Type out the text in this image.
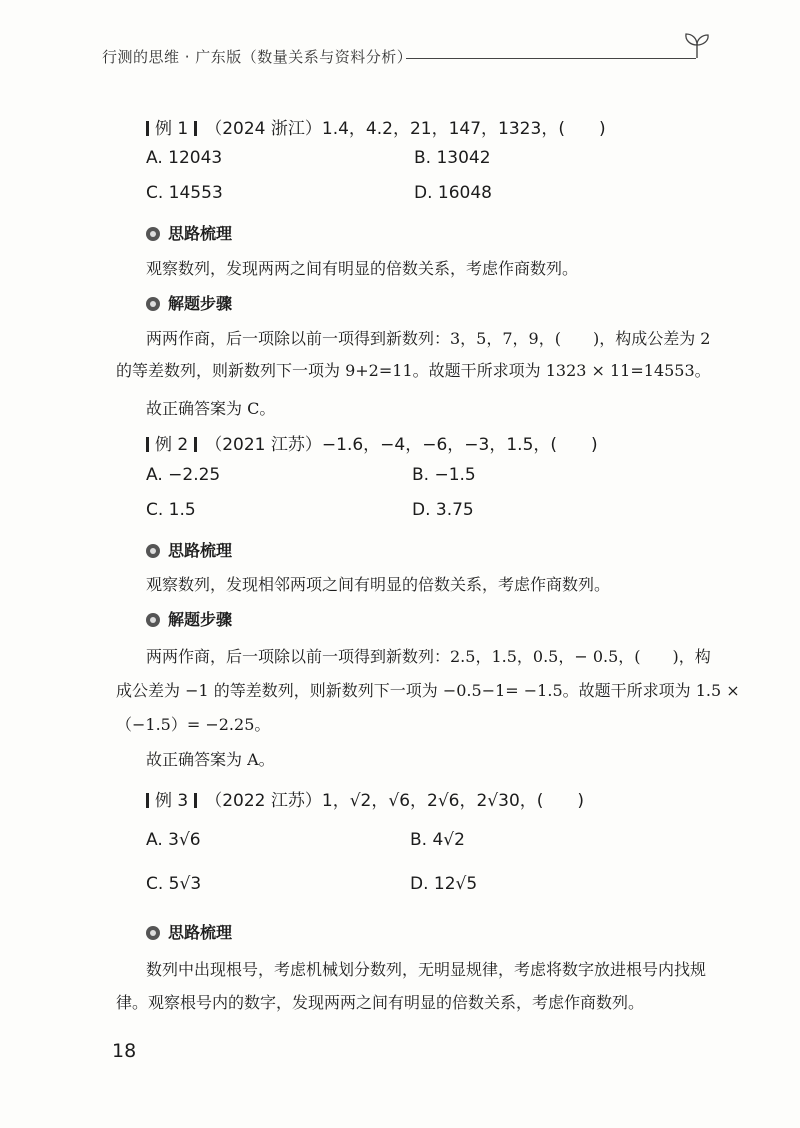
行测的思维 · 广东版（数量关系与资料分析）
例 1 （2024 浙江）1.4，4.2，21，147，1323，(　　)
A. 12043	B. 13042
C. 14553	D. 16048
思路梳理
观察数列，发现两两之间有明显的倍数关系，考虑作商数列。
解题步骤
两两作商，后一项除以前一项得到新数列：3，5，7，9，(　　)，构成公差为 2
的等差数列，则新数列下一项为 9+2=11。故题干所求项为 1323 × 11=14553。
故正确答案为 C。
例 2 （2021 江苏）−1.6，−4，−6，−3，1.5，(　　)
A. −2.25	B. −1.5
C. 1.5	D. 3.75
思路梳理
观察数列，发现相邻两项之间有明显的倍数关系，考虑作商数列。
解题步骤
两两作商，后一项除以前一项得到新数列：2.5，1.5，0.5，− 0.5，(　　)，构
成公差为 −1 的等差数列，则新数列下一项为 −0.5−1= −1.5。故题干所求项为 1.5 ×
（−1.5）= −2.25。
故正确答案为 A。
例 3 （2022 江苏）1，√2，√6，2√6，2√30，(　　)
A. 3√6	B. 4√2
C. 5√3	D. 12√5
思路梳理
数列中出现根号，考虑机械划分数列，无明显规律，考虑将数字放进根号内找规
律。观察根号内的数字，发现两两之间有明显的倍数关系，考虑作商数列。
18
